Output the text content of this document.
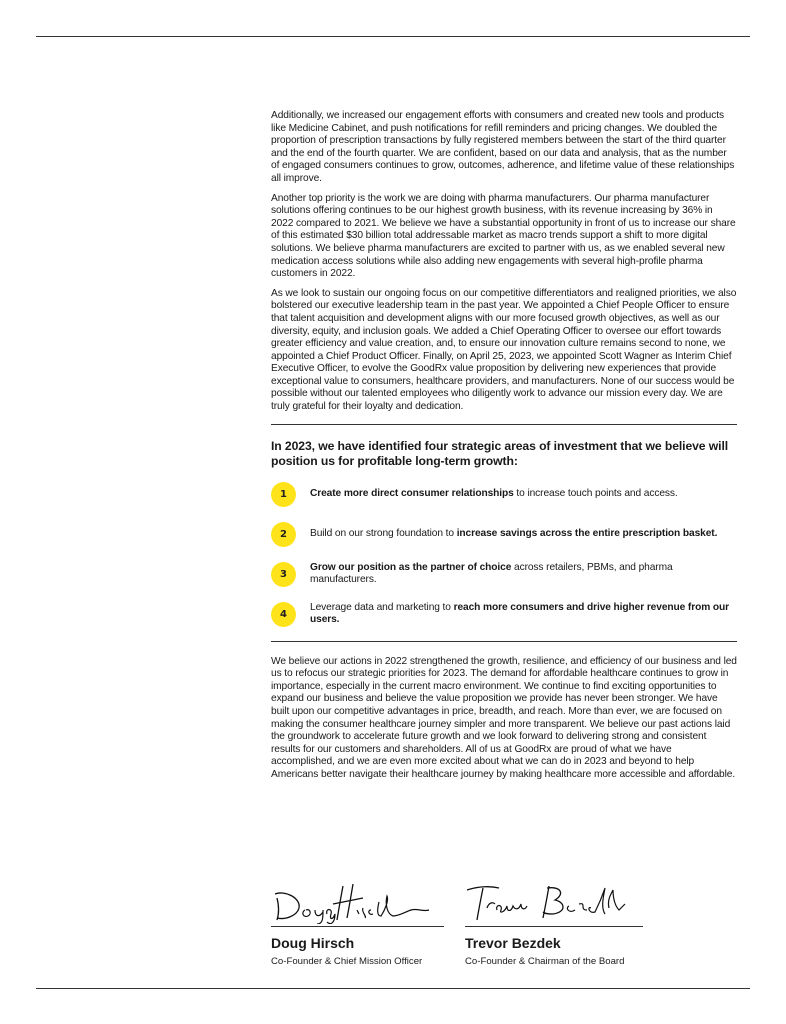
Additionally, we increased our engagement efforts with consumers and created new tools and products like Medicine Cabinet, and push notifications for refill reminders and pricing changes. We doubled the proportion of prescription transactions by fully registered members between the start of the third quarter and the end of the fourth quarter. We are confident, based on our data and analysis, that as the number of engaged consumers continues to grow, outcomes, adherence, and lifetime value of these relationships all improve.

Another top priority is the work we are doing with pharma manufacturers. Our pharma manufacturer solutions offering continues to be our highest growth business, with its revenue increasing by 36% in 2022 compared to 2021. We believe we have a substantial opportunity in front of us to increase our share of this estimated $30 billion total addressable market as macro trends support a shift to more digital solutions. We believe pharma manufacturers are excited to partner with us, as we enabled several new medication access solutions while also adding new engagements with several high-profile pharma customers in 2022.

As we look to sustain our ongoing focus on our competitive differentiators and realigned priorities, we also bolstered our executive leadership team in the past year. We appointed a Chief People Officer to ensure that talent acquisition and development aligns with our more focused growth objectives, as well as our diversity, equity, and inclusion goals. We added a Chief Operating Officer to oversee our effort towards greater efficiency and value creation, and, to ensure our innovation culture remains second to none, we appointed a Chief Product Officer. Finally, on April 25, 2023, we appointed Scott Wagner as Interim Chief Executive Officer, to evolve the GoodRx value proposition by delivering new experiences that provide exceptional value to consumers, healthcare providers, and manufacturers. None of our success would be possible without our talented employees who diligently work to advance our mission every day. We are truly grateful for their loyalty and dedication.

In 2023, we have identified four strategic areas of investment that we believe will position us for profitable long-term growth:
1	Create more direct consumer relationships to increase touch points and access.
2	Build on our strong foundation to increase savings across the entire prescription basket.
3
Grow our position as the partner of choice across retailers, PBMs, and pharma manufacturers.
4
Leverage data and marketing to reach more consumers and drive higher revenue from our users.

We believe our actions in 2022 strengthened the growth, resilience, and efficiency of our business and led us to refocus our strategic priorities for 2023. The demand for affordable healthcare continues to grow in importance, especially in the current macro environment. We continue to find exciting opportunities to expand our business and believe the value proposition we provide has never been stronger. We have built upon our competitive advantages in price, breadth, and reach. More than ever, we are focused on making the consumer healthcare journey simpler and more transparent. We believe our past actions laid the groundwork to accelerate future growth and we look forward to delivering strong and consistent results for our customers and shareholders. All of us at GoodRx are proud of what we have accomplished, and we are even more excited about what we can do in 2023 and beyond to help Americans better navigate their healthcare journey by making healthcare more accessible and affordable.

Doug Hirsch
Co-Founder & Chief Mission Officer
Trevor Bezdek
Co-Founder & Chairman of the Board
